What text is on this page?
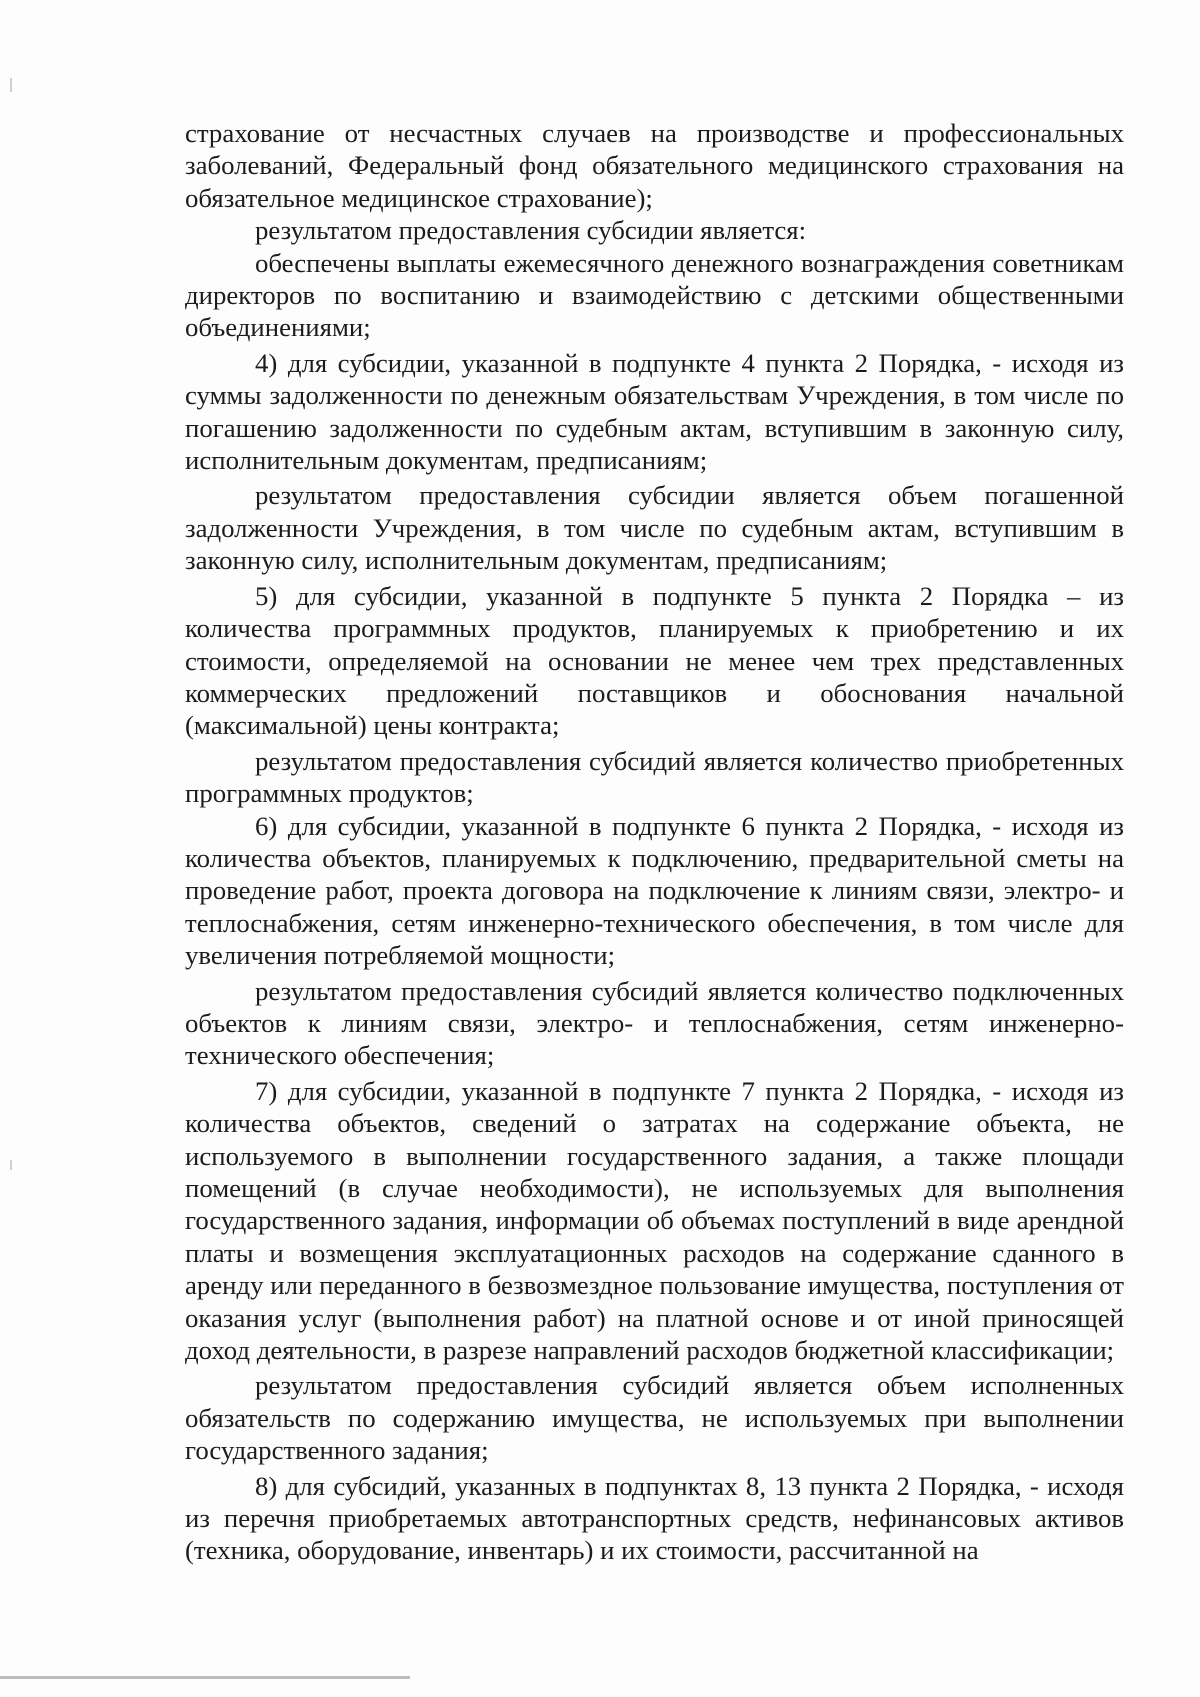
страхование от несчастных случаев на производстве и профессиональных заболеваний, Федеральный фонд обязательного медицинского страхования на обязательное медицинское страхование);

результатом предоставления субсидии является:

обеспечены выплаты ежемесячного денежного вознаграждения советникам директоров по воспитанию и взаимодействию с детскими общественными объединениями;

4) для субсидии, указанной в подпункте 4 пункта 2 Порядка, - исходя из суммы задолженности по денежным обязательствам Учреждения, в том числе по погашению задолженности по судебным актам, вступившим в законную силу, исполнительным документам, предписаниям;

результатом предоставления субсидии является объем погашенной задолженности Учреждения, в том числе по судебным актам, вступившим в законную силу, исполнительным документам, предписаниям;

5) для субсидии, указанной в подпункте 5 пункта 2 Порядка – из количества программных продуктов, планируемых к приобретению и их стоимости, определяемой на основании не менее чем трех представленных коммерческих предложений поставщиков и обоснования начальной (максимальной) цены контракта;

результатом предоставления субсидий является количество приобретенных программных продуктов;

6) для субсидии, указанной в подпункте 6 пункта 2 Порядка, - исходя из количества объектов, планируемых к подключению, предварительной сметы на проведение работ, проекта договора на подключение к линиям связи, электро- и теплоснабжения, сетям инженерно-технического обеспечения, в том числе для увеличения потребляемой мощности;

результатом предоставления субсидий является количество подключенных объектов к линиям связи, электро- и теплоснабжения, сетям инженерно-технического обеспечения;

7) для субсидии, указанной в подпункте 7 пункта 2 Порядка, - исходя из количества объектов, сведений о затратах на содержание объекта, не используемого в выполнении государственного задания, а также площади помещений (в случае необходимости), не используемых для выполнения государственного задания, информации об объемах поступлений в виде арендной платы и возмещения эксплуатационных расходов на содержание сданного в аренду или переданного в безвозмездное пользование имущества, поступления от оказания услуг (выполнения работ) на платной основе и от иной приносящей доход деятельности, в разрезе направлений расходов бюджетной классификации;

результатом предоставления субсидий является объем исполненных обязательств по содержанию имущества, не используемых при выполнении государственного задания;

8) для субсидий, указанных в подпунктах 8, 13 пункта 2 Порядка, - исходя из перечня приобретаемых автотранспортных средств, нефинансовых активов (техника, оборудование, инвентарь) и их стоимости, рассчитанной на
